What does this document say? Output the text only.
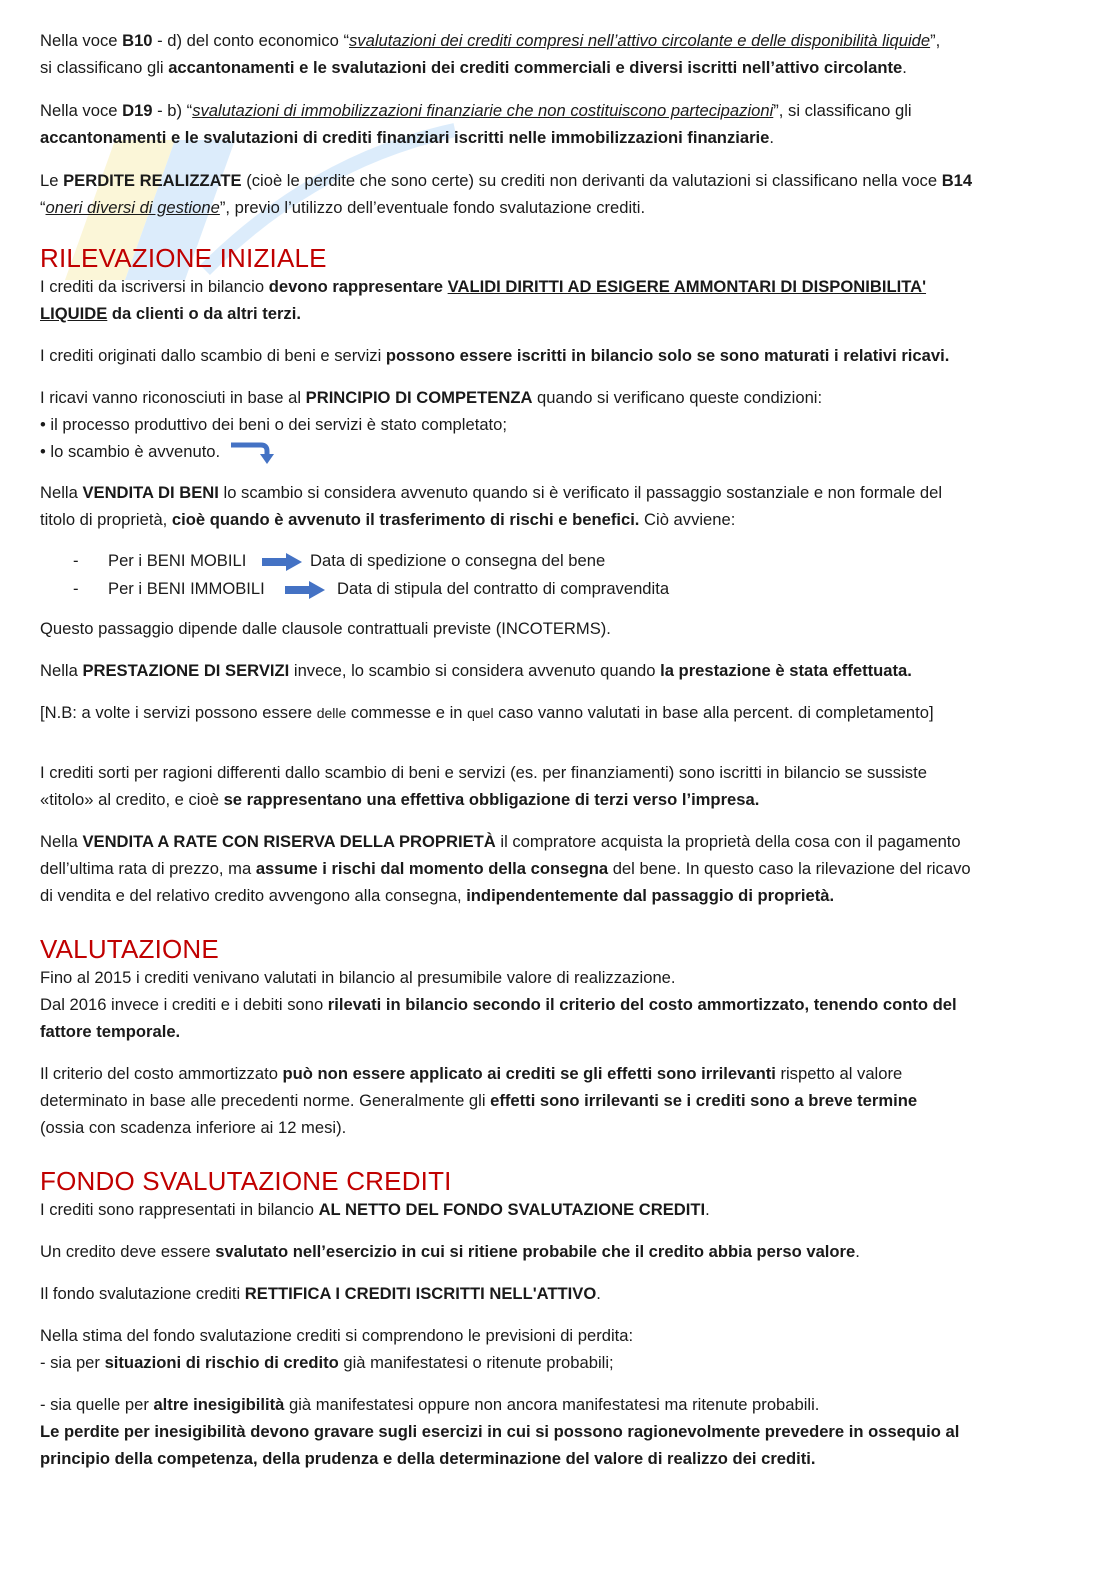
Nella voce B10 - d) del conto economico “svalutazioni dei crediti compresi nell’attivo circolante e delle disponibilità liquide”,
si classificano gli accantonamenti e le svalutazioni dei crediti commerciali e diversi iscritti nell’attivo circolante.

Nella voce D19 - b) “svalutazioni di immobilizzazioni finanziarie che non costituiscono partecipazioni”, si classificano gli
accantonamenti e le svalutazioni di crediti finanziari iscritti nelle immobilizzazioni finanziarie.

Le PERDITE REALIZZATE (cioè le perdite che sono certe) su crediti non derivanti da valutazioni si classificano nella voce B14
“oneri diversi di gestione”, previo l’utilizzo dell’eventuale fondo svalutazione crediti.

RILEVAZIONE INIZIALE

I crediti da iscriversi in bilancio devono rappresentare VALIDI DIRITTI AD ESIGERE AMMONTARI DI DISPONIBILITA'
LIQUIDE da clienti o da altri terzi.

I crediti originati dallo scambio di beni e servizi possono essere iscritti in bilancio solo se sono maturati i relativi ricavi.

I ricavi vanno riconosciuti in base al PRINCIPIO DI COMPETENZA quando si verificano queste condizioni:
• il processo produttivo dei beni o dei servizi è stato completato;
• lo scambio è avvenuto.

Nella VENDITA DI BENI lo scambio si considera avvenuto quando si è verificato il passaggio sostanziale e non formale del
titolo di proprietà, cioè quando è avvenuto il trasferimento di rischi e benefici. Ciò avviene:

- Per i BENI MOBILI	Data di spedizione o consegna del bene
- Per i BENI IMMOBILI	Data di stipula del contratto di compravendita

Questo passaggio dipende dalle clausole contrattuali previste (INCOTERMS).

Nella PRESTAZIONE DI SERVIZI invece, lo scambio si considera avvenuto quando la prestazione è stata effettuata.

[N.B: a volte i servizi possono essere delle commesse e in quel caso vanno valutati in base alla percent. di completamento]

I crediti sorti per ragioni differenti dallo scambio di beni e servizi (es. per finanziamenti) sono iscritti in bilancio se sussiste
«titolo» al credito, e cioè se rappresentano una effettiva obbligazione di terzi verso l’impresa.

Nella VENDITA A RATE CON RISERVA DELLA PROPRIETÀ il compratore acquista la proprietà della cosa con il pagamento
dell’ultima rata di prezzo, ma assume i rischi dal momento della consegna del bene. In questo caso la rilevazione del ricavo
di vendita e del relativo credito avvengono alla consegna, indipendentemente dal passaggio di proprietà.

VALUTAZIONE

Fino al 2015 i crediti venivano valutati in bilancio al presumibile valore di realizzazione.
Dal 2016 invece i crediti e i debiti sono rilevati in bilancio secondo il criterio del costo ammortizzato, tenendo conto del
fattore temporale.

Il criterio del costo ammortizzato può non essere applicato ai crediti se gli effetti sono irrilevanti rispetto al valore
determinato in base alle precedenti norme. Generalmente gli effetti sono irrilevanti se i crediti sono a breve termine
(ossia con scadenza inferiore ai 12 mesi).

FONDO SVALUTAZIONE CREDITI

I crediti sono rappresentati in bilancio AL NETTO DEL FONDO SVALUTAZIONE CREDITI.

Un credito deve essere svalutato nell’esercizio in cui si ritiene probabile che il credito abbia perso valore.

Il fondo svalutazione crediti RETTIFICA I CREDITI ISCRITTI NELL'ATTIVO.

Nella stima del fondo svalutazione crediti si comprendono le previsioni di perdita:
- sia per situazioni di rischio di credito già manifestatesi o ritenute probabili;

- sia quelle per altre inesigibilità già manifestatesi oppure non ancora manifestatesi ma ritenute probabili.
Le perdite per inesigibilità devono gravare sugli esercizi in cui si possono ragionevolmente prevedere in ossequio al
principio della competenza, della prudenza e della determinazione del valore di realizzo dei crediti.
